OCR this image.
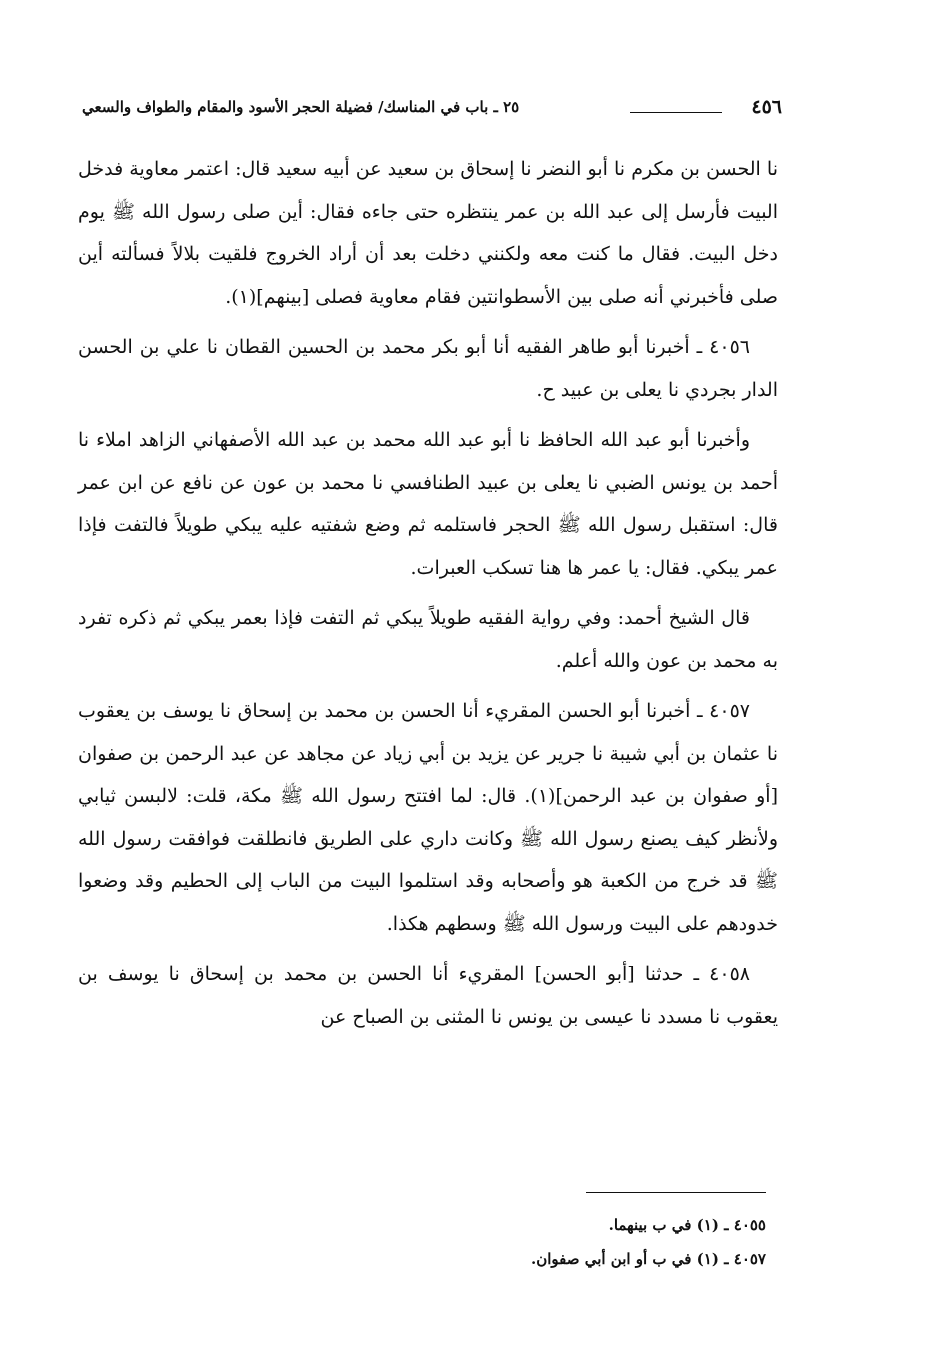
٤٥٦
٢٥ ـ باب في المناسك/ فضيلة الحجر الأسود والمقام والطواف والسعي

نا الحسن بن مكرم نا أبو النضر نا إسحاق بن سعيد عن أبيه سعيد قال: اعتمر معاوية فدخل البيت فأرسل إلى عبد الله بن عمر ينتظره حتى جاءه فقال: أين صلى رسول الله ﷺ يوم دخل البيت. فقال ما كنت معه ولكنني دخلت بعد أن أراد الخروج فلقيت بلالاً فسألته أين صلى فأخبرني أنه صلى بين الأسطوانتين فقام معاوية فصلى [بينهم](١).

٤٠٥٦ ـ أخبرنا أبو طاهر الفقيه أنا أبو بكر محمد بن الحسين القطان نا علي بن الحسن الدار بجردي نا يعلى بن عبيد ح.

وأخبرنا أبو عبد الله الحافظ نا أبو عبد الله محمد بن عبد الله الأصفهاني الزاهد املاء نا أحمد بن يونس الضبي نا يعلى بن عبيد الطنافسي نا محمد بن عون عن نافع عن ابن عمر قال: استقبل رسول الله ﷺ الحجر فاستلمه ثم وضع شفتيه عليه يبكي طويلاً فالتفت فإذا عمر يبكي. فقال: يا عمر ها هنا تسكب العبرات.

قال الشيخ أحمد: وفي رواية الفقيه طويلاً يبكي ثم التفت فإذا بعمر يبكي ثم ذكره تفرد به محمد بن عون والله أعلم.

٤٠٥٧ ـ أخبرنا أبو الحسن المقريء أنا الحسن بن محمد بن إسحاق نا يوسف بن يعقوب نا عثمان بن أبي شيبة نا جرير عن يزيد بن أبي زياد عن مجاهد عن عبد الرحمن بن صفوان [أو صفوان بن عبد الرحمن](١). قال: لما افتتح رسول الله ﷺ مكة، قلت: لالبسن ثيابي ولأنظر كيف يصنع رسول الله ﷺ وكانت داري على الطريق فانطلقت فوافقت رسول الله ﷺ قد خرج من الكعبة هو وأصحابه وقد استلموا البيت من الباب إلى الحطيم وقد وضعوا خدودهم على البيت ورسول الله ﷺ وسطهم هكذا.

٤٠٥٨ ـ حدثنا [أبو الحسن] المقريء أنا الحسن بن محمد بن إسحاق نا يوسف بن يعقوب نا مسدد نا عيسى بن يونس نا المثنى بن الصباح عن

٤٠٥٥ ـ (١) في ب بينهما.
٤٠٥٧ ـ (١) في ب أو ابن أبي صفوان.
